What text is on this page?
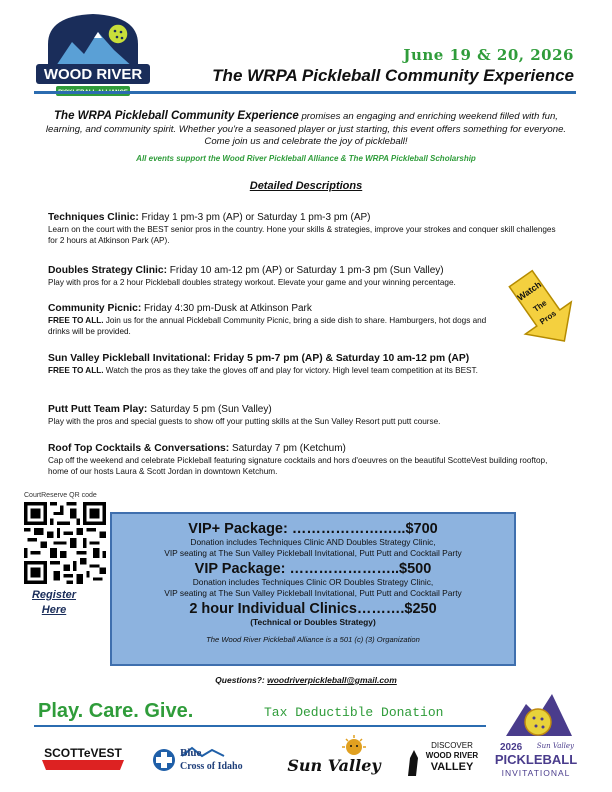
WOOD RIVER
June 19 & 20, 2026
The WRPA Pickleball Community Experience
The WRPA Pickleball Community Experience promises an engaging and enriching weekend filled with fun, learning, and community spirit. Whether you're a seasoned player or just starting, this event offers something for everyone. Come join us and celebrate the joy of pickleball!
All events support the Wood River Pickleball Alliance & The WRPA Pickleball Scholarship
Detailed Descriptions
Techniques Clinic: Friday 1 pm-3 pm (AP) or Saturday 1 pm-3 pm (AP)
Learn on the court with the BEST senior pros in the country. Hone your skills & strategies, improve your strokes and conquer skill challenges for 2 hours at Atkinson Park (AP).
Doubles Strategy Clinic: Friday 10 am-12 pm (AP) or Saturday 1 pm-3 pm (Sun Valley)
Play with pros for a 2 hour Pickleball doubles strategy workout. Elevate your game and your winning percentage.
Community Picnic: Friday 4:30 pm-Dusk at Atkinson Park
FREE TO ALL. Join us for the annual Pickleball Community Picnic, bring a side dish to share. Hamburgers, hot dogs and drinks will be provided.
Sun Valley Pickleball Invitational: Friday 5 pm-7 pm (AP) & Saturday 10 am-12 pm (AP)
FREE TO ALL. Watch the pros as they take the gloves off and play for victory. High level team competition at its BEST.
Putt Putt Team Play: Saturday 5 pm (Sun Valley)
Play with the pros and special guests to show off your putting skills at the Sun Valley Resort putt putt course.
Roof Top Cocktails & Conversations: Saturday 7 pm (Ketchum)
Cap off the weekend and celebrate Pickleball featuring signature cocktails and hors d'oeuvres on the beautiful ScotteVest building rooftop, home of our hosts Laura & Scott Jordan in downtown Ketchum.
Watch
The
Pros
CourtReserve QR code
Register Here
VIP+ Package: ……………….…..$700
Donation includes Techniques Clinic AND Doubles Strategy Clinic,
VIP seating at The Sun Valley Pickleball Invitational, Putt Putt and Cocktail Party
VIP Package: …………………..$500
Donation includes Techniques Clinic OR Doubles Strategy Clinic,
VIP seating at The Sun Valley Pickleball Invitational, Putt Putt and Cocktail Party
2 hour Individual Clinics……….$250
(Technical or Doubles Strategy)
The Wood River Pickleball Alliance is a 501 (c) (3) Organization
Questions?: woodriverpickleball@gmail.com
Play. Care. Give.	Tax Deductible Donation
SCOTTeVEST	Blue
Cross of Idaho	Sun Valley
DISCOVER
WOOD RIVER
VALLEY
2026 Sun Valley
PICKLEBALL
INVITATIONAL
